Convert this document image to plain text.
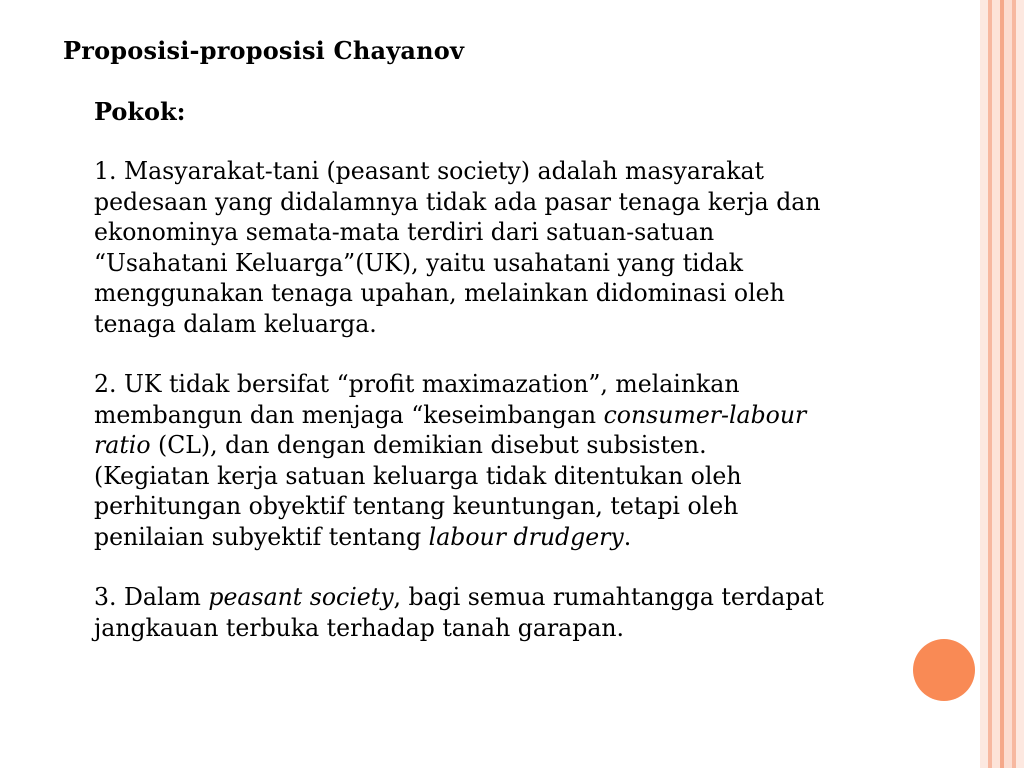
Proposisi-proposisi Chayanov
Pokok:

1. Masyarakat-tani (peasant society) adalah masyarakat
pedesaan yang didalamnya tidak ada pasar tenaga kerja dan
ekonominya semata-mata terdiri dari satuan-satuan
“Usahatani Keluarga”(UK), yaitu usahatani yang tidak
menggunakan tenaga upahan, melainkan didominasi oleh
tenaga dalam keluarga.

2. UK tidak bersifat “profit maximazation”, melainkan
membangun dan menjaga “keseimbangan consumer-labour
ratio (CL), dan dengan demikian disebut subsisten.
(Kegiatan kerja satuan keluarga tidak ditentukan oleh
perhitungan obyektif tentang keuntungan, tetapi oleh
penilaian subyektif tentang labour drudgery.

3. Dalam peasant society, bagi semua rumahtangga terdapat
jangkauan terbuka terhadap tanah garapan.
